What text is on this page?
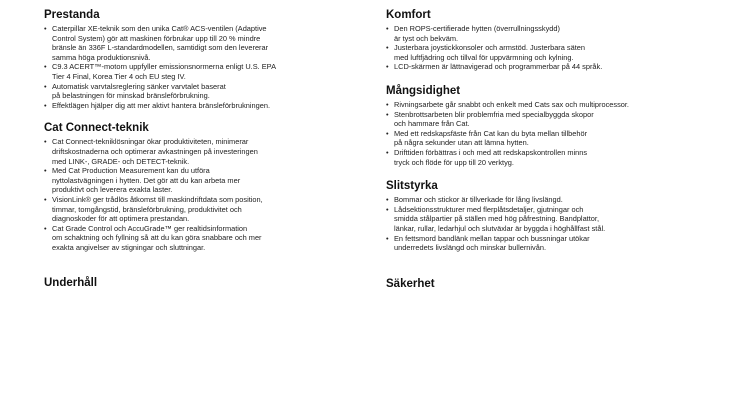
Prestanda
• Caterpillar XE-teknik som den unika Cat® ACS-ventilen (Adaptive
Control System) gör att maskinen förbrukar upp till 20 % mindre
bränsle än 336F L-standardmodellen, samtidigt som den levererar
samma höga produktionsnivå.
• C9.3 ACERT™-motorn uppfyller emissionsnormerna enligt U.S. EPA
Tier 4 Final, Korea Tier 4 och EU steg IV.
• Automatisk varvtalsreglering sänker varvtalet baserat
på belastningen för minskad bränsleförbrukning.
• Effektlägen hjälper dig att mer aktivt hantera bränsleförbrukningen.
Cat Connect-teknik
• Cat Connect-tekniklösningar ökar produktiviteten, minimerar
driftskostnaderna och optimerar avkastningen på investeringen
med LINK-, GRADE- och DETECT-teknik.
• Med Cat Production Measurement kan du utföra
nyttolastvägningen i hytten. Det gör att du kan arbeta mer
produktivt och leverera exakta laster.
• VisionLink® ger trådlös åtkomst till maskindriftdata som position,
timmar, tomgångstid, bränsleförbrukning, produktivitet och
diagnoskoder för att optimera prestandan.
• Cat Grade Control och AccuGrade™ ger realtidsinformation
om schaktning och fyllning så att du kan göra snabbare och mer
exakta angivelser av stigningar och sluttningar.
Underhåll
Komfort
• Den ROPS-certifierade hytten (överrullningsskydd)
är tyst och bekväm.
• Justerbara joystickkonsoler och armstöd. Justerbara säten
med luftfjädring och tillval för uppvärmning och kylning.
• LCD-skärmen är lättnavigerad och programmerbar på 44 språk.
Mångsidighet
• Rivningsarbete går snabbt och enkelt med Cats sax och multiprocessor.
• Stenbrottsarbeten blir problemfria med specialbyggda skopor
och hammare från Cat.
• Med ett redskapsfäste från Cat kan du byta mellan tillbehör
på några sekunder utan att lämna hytten.
• Drifttiden förbättras i och med att redskapskontrollen minns
tryck och flöde för upp till 20 verktyg.
Slitstyrka
• Bommar och stickor är tillverkade för lång livslängd.
• Lådsektionsstrukturer med flerplåtsdetaljer, gjutningar och
smidda stålpartier på ställen med hög påfrestning. Bandplattor,
länkar, rullar, ledarhjul och slutväxlar är byggda i höghållfast stål.
• En fettsmord bandlänk mellan tappar och bussningar utökar
underredets livslängd och minskar bullernivån.
Säkerhet
